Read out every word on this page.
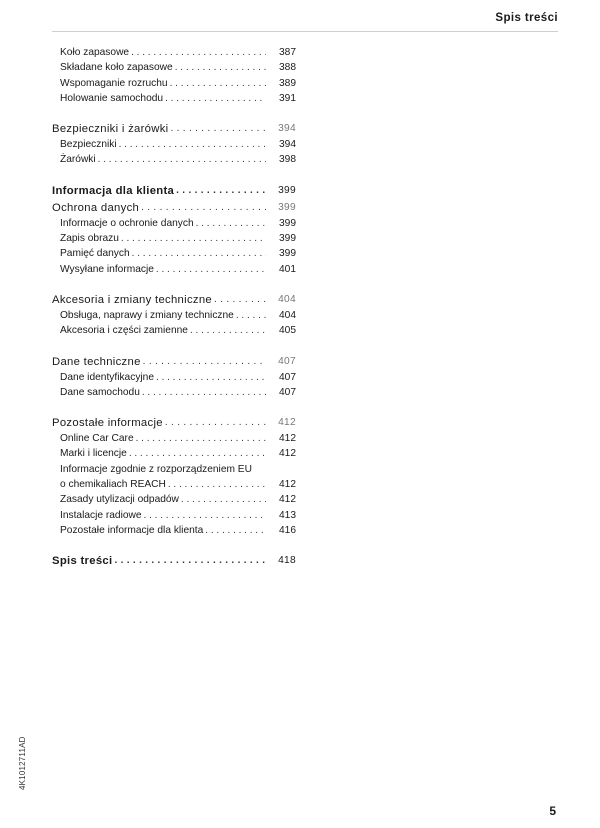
Spis treści
Koło zapasowe . . .	387
Składane koło zapasowe . . .	388
Wspomaganie rozruchu . . .	389
Holowanie samochodu . . .	391
Bezpieczniki i żarówki . . .	394
Bezpieczniki . . .	394
Żarówki . . .	398
Informacja dla klienta . . .	399
Ochrona danych . . .	399
Informacje o ochronie danych . . .	399
Zapis obrazu . . .	399
Pamięć danych . . .	399
Wysyłane informacje . . .	401
Akcesoria i zmiany techniczne . . .	404
Obsługa, naprawy i zmiany techniczne . . .	404
Akcesoria i części zamienne . . .	405
Dane techniczne . . .	407
Dane identyfikacyjne . . .	407
Dane samochodu . . .	407
Pozostałe informacje . . .	412
Online Car Care . . .	412
Marki i licencje . . .	412
Informacje zgodnie z rozporządzeniem EU
o chemikaliach REACH . . .	412
Zasady utylizacji odpadów . . .	412
Instalacje radiowe . . .	413
Pozostałe informacje dla klienta . . .	416
Spis treści . . .	418
4K1012711AD
5
